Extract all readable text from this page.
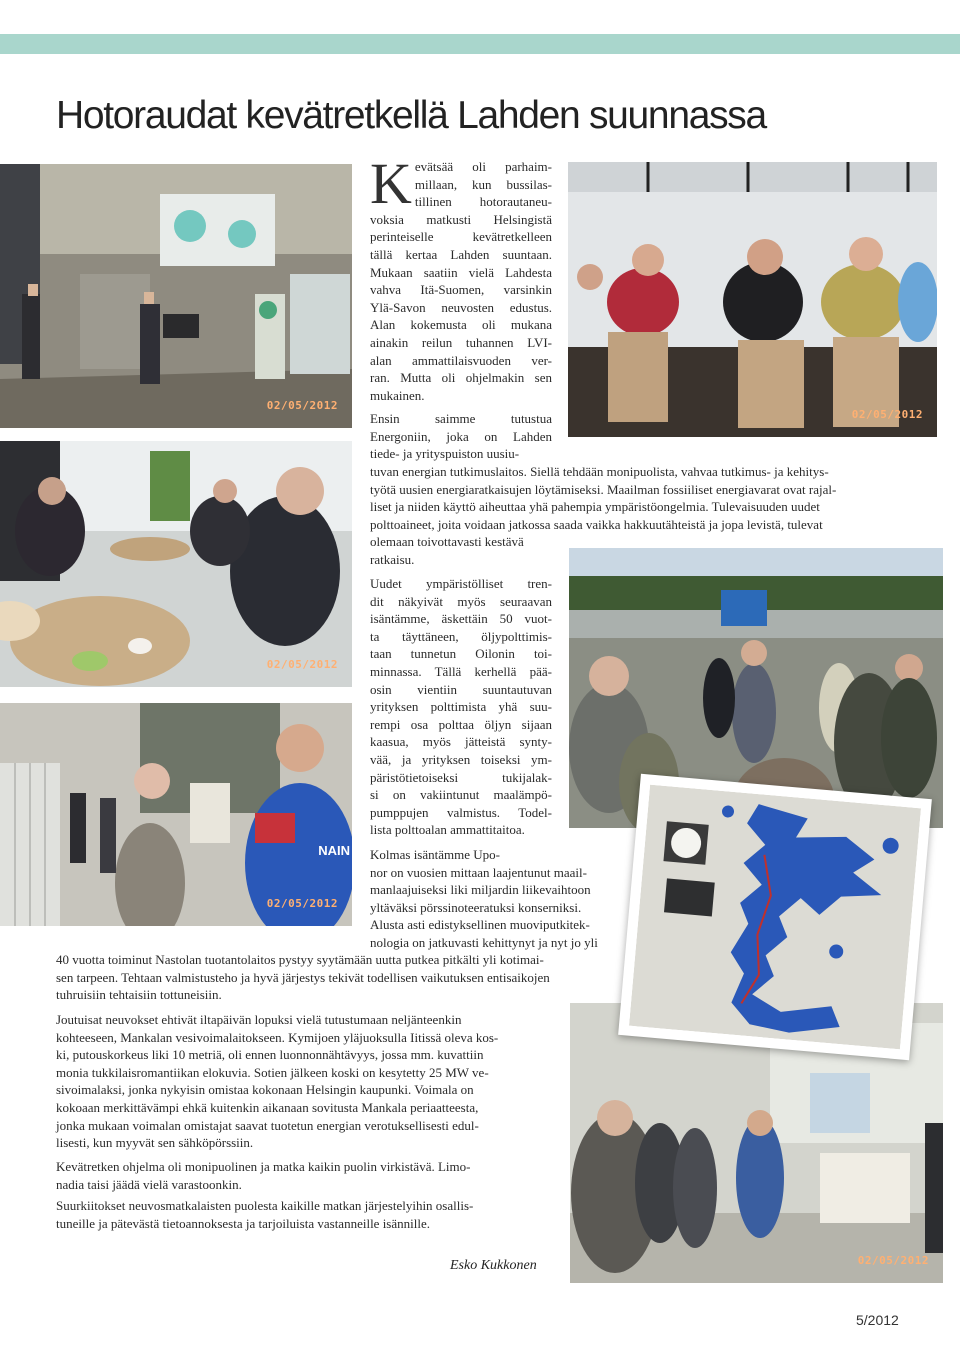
Hotoraudat kevätretkellä Lahden suunnassa
K evätsää oli parhaim-
millaan, kun bussilas-
tillinen hotorautaneu-
voksia matkusti Helsingistä
perinteiselle kevätretkelleen
tällä kertaa Lahden suuntaan.
Mukaan saatiin vielä Lahdesta
vahva Itä-Suomen, varsinkin
Ylä-Savon neuvosten edustus.
Alan kokemusta oli mukana
ainakin reilun tuhannen LVI-
alan ammattilaisvuoden ver-
ran. Mutta oli ohjelmakin sen
mukainen.
Ensin saimme tutustua
Energoniin, joka on Lahden
tiede- ja yrityspuiston uusiu-
tuvan energian tutkimuslaitos. Siellä tehdään monipuolista, vahvaa tutkimus- ja kehitys-
työtä uusien energiaratkaisujen löytämiseksi. Maailman fossiiliset energiavarat ovat rajal-
liset ja niiden käyttö aiheuttaa yhä pahempia ympäristöongelmia. Tulevaisuuden uudet
polttoaineet, joita voidaan jatkossa saada vaikka hakkuutähteistä ja jopa levistä, tulevat
olemaan toivottavasti kestävä
ratkaisu.
Uudet ympäristölliset tren-
dit näkyivät myös seuraavan
isäntämme, äskettäin 50 vuot-
ta täyttäneen, öljypolttimis-
taan tunnetun Oilonin toi-
minnassa. Tällä kerhellä pää-
osin vientiin suuntautuvan
yrityksen polttimista yhä suu-
rempi osa polttaa öljyn sijaan
kaasua, myös jätteistä synty-
vää, ja yrityksen toiseksi ym-
päristötietoiseksi tukijalak-
si on vakiintunut maalämpö-
pumppujen valmistus. Todel-
lista polttoalan ammattitaitoa.
Kolmas isäntämme Upo-
nor on vuosien mittaan laajentunut maail-
manlaajuiseksi liki miljardin liikevaihtoon
yltäväksi pörssinoteeratuksi konserniksi.
Alusta asti edistyksellinen muoviputkitek-
nologia on jatkuvasti kehittynyt ja nyt jo yli
40 vuotta toiminut Nastolan tuotantolaitos pystyy syytämään uutta putkea pitkälti yli kotimai-
sen tarpeen. Tehtaan valmistusteho ja hyvä järjestys tekivät todellisen vaikutuksen entisaikojen
tuhruisiin tehtaisiin tottuneisiin.
Joutuisat neuvokset ehtivät iltapäivän lopuksi vielä tutustumaan neljänteenkin
kohteeseen, Mankalan vesivoimalaitokseen. Kymijoen yläjuoksulla Iitissä oleva kos-
ki, putouskorkeus liki 10 metriä, oli ennen luonnonnähtävyys, jossa mm. kuvattiin
monia tukkilaisromantiikan elokuvia. Sotien jälkeen koski on kesytetty 25 MW ve-
sivoimalaksi, jonka nykyisin omistaa kokonaan Helsingin kaupunki. Voimala on
kokoaan merkittävämpi ehkä kuitenkin aikanaan sovitusta Mankala periaatteesta,
jonka mukaan voimalan omistajat saavat tuotetun energian verotuksellisesti edul-
lisesti, kun myyvät sen sähköpörssiin.
Kevätretken ohjelma oli monipuolinen ja matka kaikin puolin virkistävä. Limo-
nadia taisi jäädä vielä varastoonkin.
Suurkiitokset neuvosmatkalaisten puolesta kaikille matkan järjestelyihin osallis-
tuneille ja pätevästä tietoannoksesta ja tarjoiluista vastanneille isännille.
Esko Kukkonen
5/2012
02/05/2012
02/05/2012
02/05/2012
NAIN
02/05/2012
02/05/2012
